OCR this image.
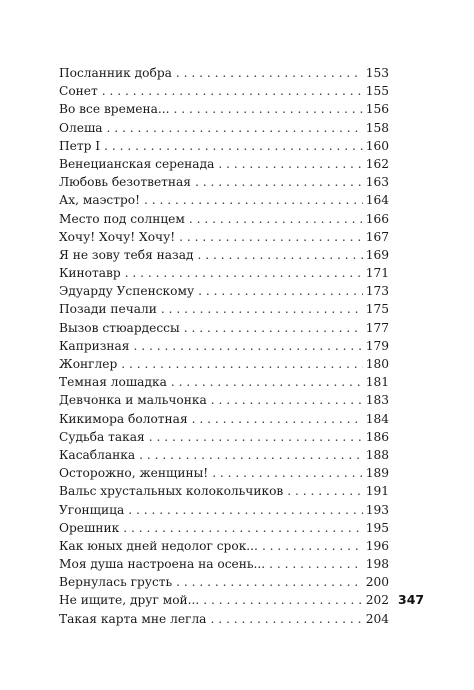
Посланник добра . . .	153
Сонет . . .	155
Во все времена... . . .	156
Олеша . . .	158
Петр I . . .	160
Венецианская серенада . . .	162
Любовь безответная . . .	163
Ах, маэстро! . . .	164
Место под солнцем . . .	166
Хочу! Хочу! Хочу! . . .	167
Я не зову тебя назад . . .	169
Кинотавр . . .	171
Эдуарду Успенскому . . .	173
Позади печали . . .	175
Вызов стюардессы . . .	177
Капризная . . .	179
Жонглер . . .	180
Темная лошадка . . .	181
Девчонка и мальчонка . . .	183
Кикимора болотная . . .	184
Судьба такая . . .	186
Касабланка . . .	188
Осторожно, женщины! . . .	189
Вальс хрустальных колокольчиков . . .	191
Угонщица . . .	193
Орешник . . .	195
Как юных дней недолог срок... . . .	196
Моя душа настроена на осень... . . .	198
Вернулась грусть . . .	200
Не ищите, друг мой... . . .	202
Такая карта мне легла . . .	204
347
